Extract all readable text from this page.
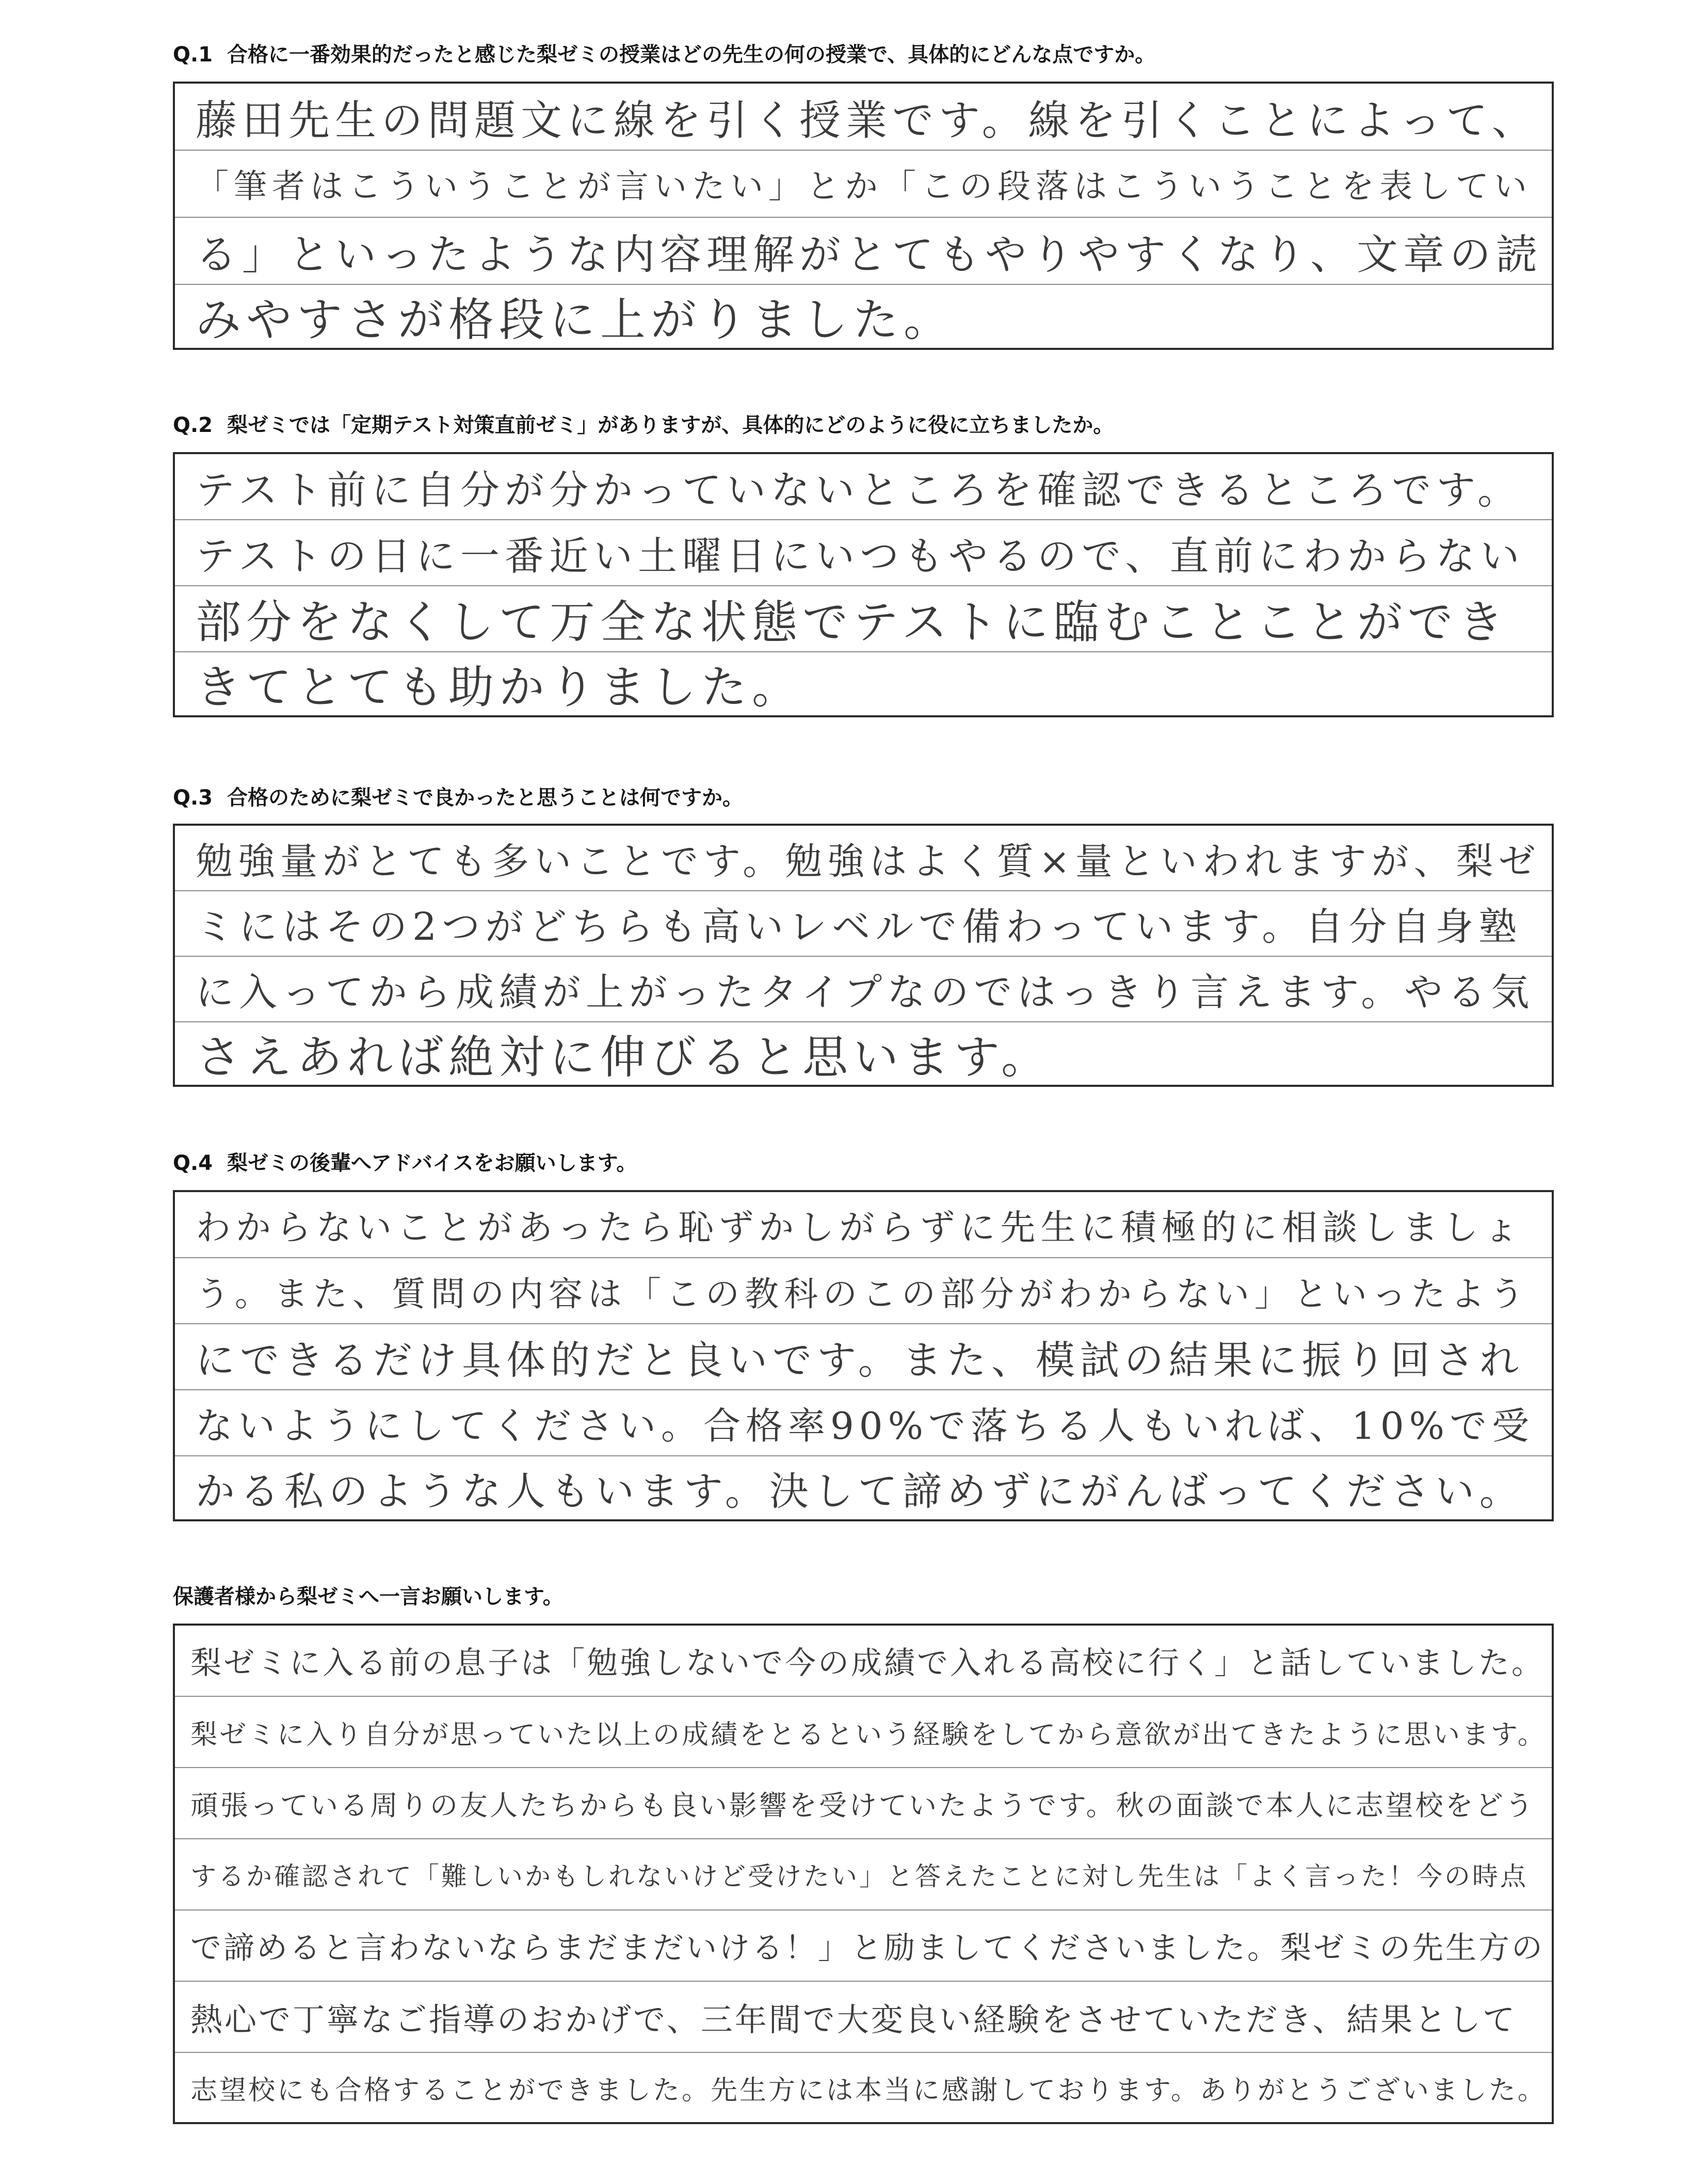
Q.1 合格に一番効果的だったと感じた梨ゼミの授業はどの先生の何の授業で、具体的にどんな点ですか。
藤田先生の問題文に線を引く授業です。線を引くことによって、
「筆者はこういうことが言いたい」とか「この段落はこういうことを表してい
る」といったような内容理解がとてもやりやすくなり、文章の読
みやすさが格段に上がりました。
Q.2 梨ゼミでは「定期テスト対策直前ゼミ」がありますが、具体的にどのように役に立ちましたか。
テスト前に自分が分かっていないところを確認できるところです。
テストの日に一番近い土曜日にいつもやるので、直前にわからない
部分をなくして万全な状態でテストに臨むことことができ
きてとても助かりました。
Q.3 合格のために梨ゼミで良かったと思うことは何ですか。
勉強量がとても多いことです。勉強はよく質×量といわれますが、梨ゼ
ミにはその2つがどちらも高いレベルで備わっています。自分自身塾
に入ってから成績が上がったタイプなのではっきり言えます。やる気
さえあれば絶対に伸びると思います。
Q.4 梨ゼミの後輩へアドバイスをお願いします。
わからないことがあったら恥ずかしがらずに先生に積極的に相談しましょ
う。また、質問の内容は「この教科のこの部分がわからない」といったよう
にできるだけ具体的だと良いです。また、模試の結果に振り回され
ないようにしてください。合格率90%で落ちる人もいれば、10%で受
かる私のような人もいます。決して諦めずにがんばってください。
保護者様から梨ゼミへ一言お願いします。
梨ゼミに入る前の息子は「勉強しないで今の成績で入れる高校に行く」と話していました。
梨ゼミに入り自分が思っていた以上の成績をとるという経験をしてから意欲が出てきたように思います。
頑張っている周りの友人たちからも良い影響を受けていたようです。秋の面談で本人に志望校をどう
するか確認されて「難しいかもしれないけど受けたい」と答えたことに対し先生は「よく言った！今の時点
で諦めると言わないならまだまだいける！」と励ましてくださいました。梨ゼミの先生方の
熱心で丁寧なご指導のおかげで、三年間で大変良い経験をさせていただき、結果として
志望校にも合格することができました。先生方には本当に感謝しております。ありがとうございました。
